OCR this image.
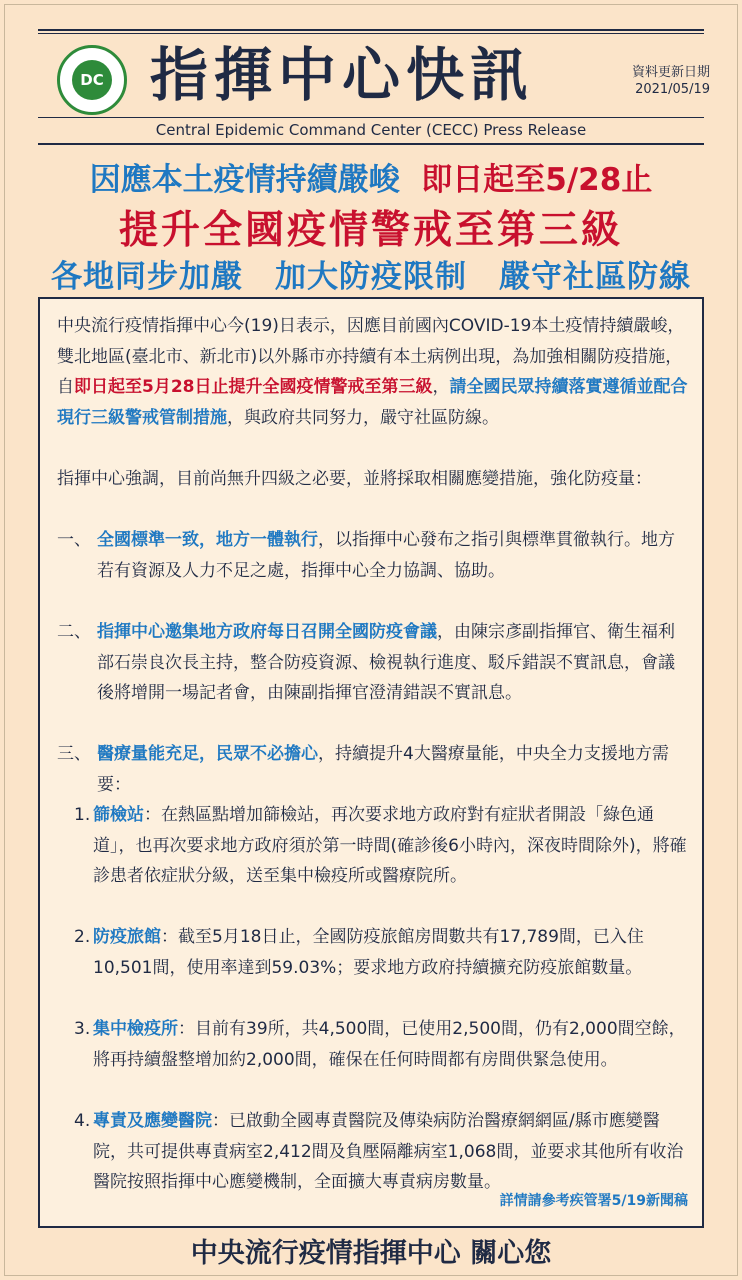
DC 指揮中心快訊	資料更新日期
2021/05/19
Central Epidemic Command Center (CECC) Press Release
因應本土疫情持續嚴峻 即日起至5/28止
提升全國疫情警戒至第三級
各地同步加嚴　加大防疫限制　嚴守社區防線
中央流行疫情指揮中心今(19)日表示，因應目前國內COVID-19本土疫情持續嚴峻，雙北地區(臺北市、新北市)以外縣市亦持續有本土病例出現，為加強相關防疫措施，自即日起至5月28日止提升全國疫情警戒至第三級，請全國民眾持續落實遵循並配合現行三級警戒管制措施，與政府共同努力，嚴守社區防線。
指揮中心強調，目前尚無升四級之必要，並將採取相關應變措施，強化防疫量：
一、 全國標準一致，地方一體執行，以指揮中心發布之指引與標準貫徹執行。地方若有資源及人力不足之處，指揮中心全力協調、協助。
二、 指揮中心邀集地方政府每日召開全國防疫會議，由陳宗彥副指揮官、衛生福利部石崇良次長主持，整合防疫資源、檢視執行進度、駁斥錯誤不實訊息，會議後將增開一場記者會，由陳副指揮官澄清錯誤不實訊息。
三、 醫療量能充足，民眾不必擔心，持續提升4大醫療量能，中央全力支援地方需要：
1. 篩檢站：在熱區點增加篩檢站，再次要求地方政府對有症狀者開設「綠色通道」，也再次要求地方政府須於第一時間(確診後6小時內，深夜時間除外)，將確診患者依症狀分級，送至集中檢疫所或醫療院所。
2. 防疫旅館：截至5月18日止，全國防疫旅館房間數共有17,789間，已入住10,501間，使用率達到59.03%；要求地方政府持續擴充防疫旅館數量。
3. 集中檢疫所：目前有39所，共4,500間，已使用2,500間，仍有2,000間空餘，將再持續盤整增加約2,000間，確保在任何時間都有房間供緊急使用。
4. 專責及應變醫院：已啟動全國專責醫院及傳染病防治醫療網網區/縣市應變醫院，共可提供專責病室2,412間及負壓隔離病室1,068間，並要求其他所有收治醫院按照指揮中心應變機制，全面擴大專責病房數量。
詳情請參考疾管署5/19新聞稿
中央流行疫情指揮中心 關心您
